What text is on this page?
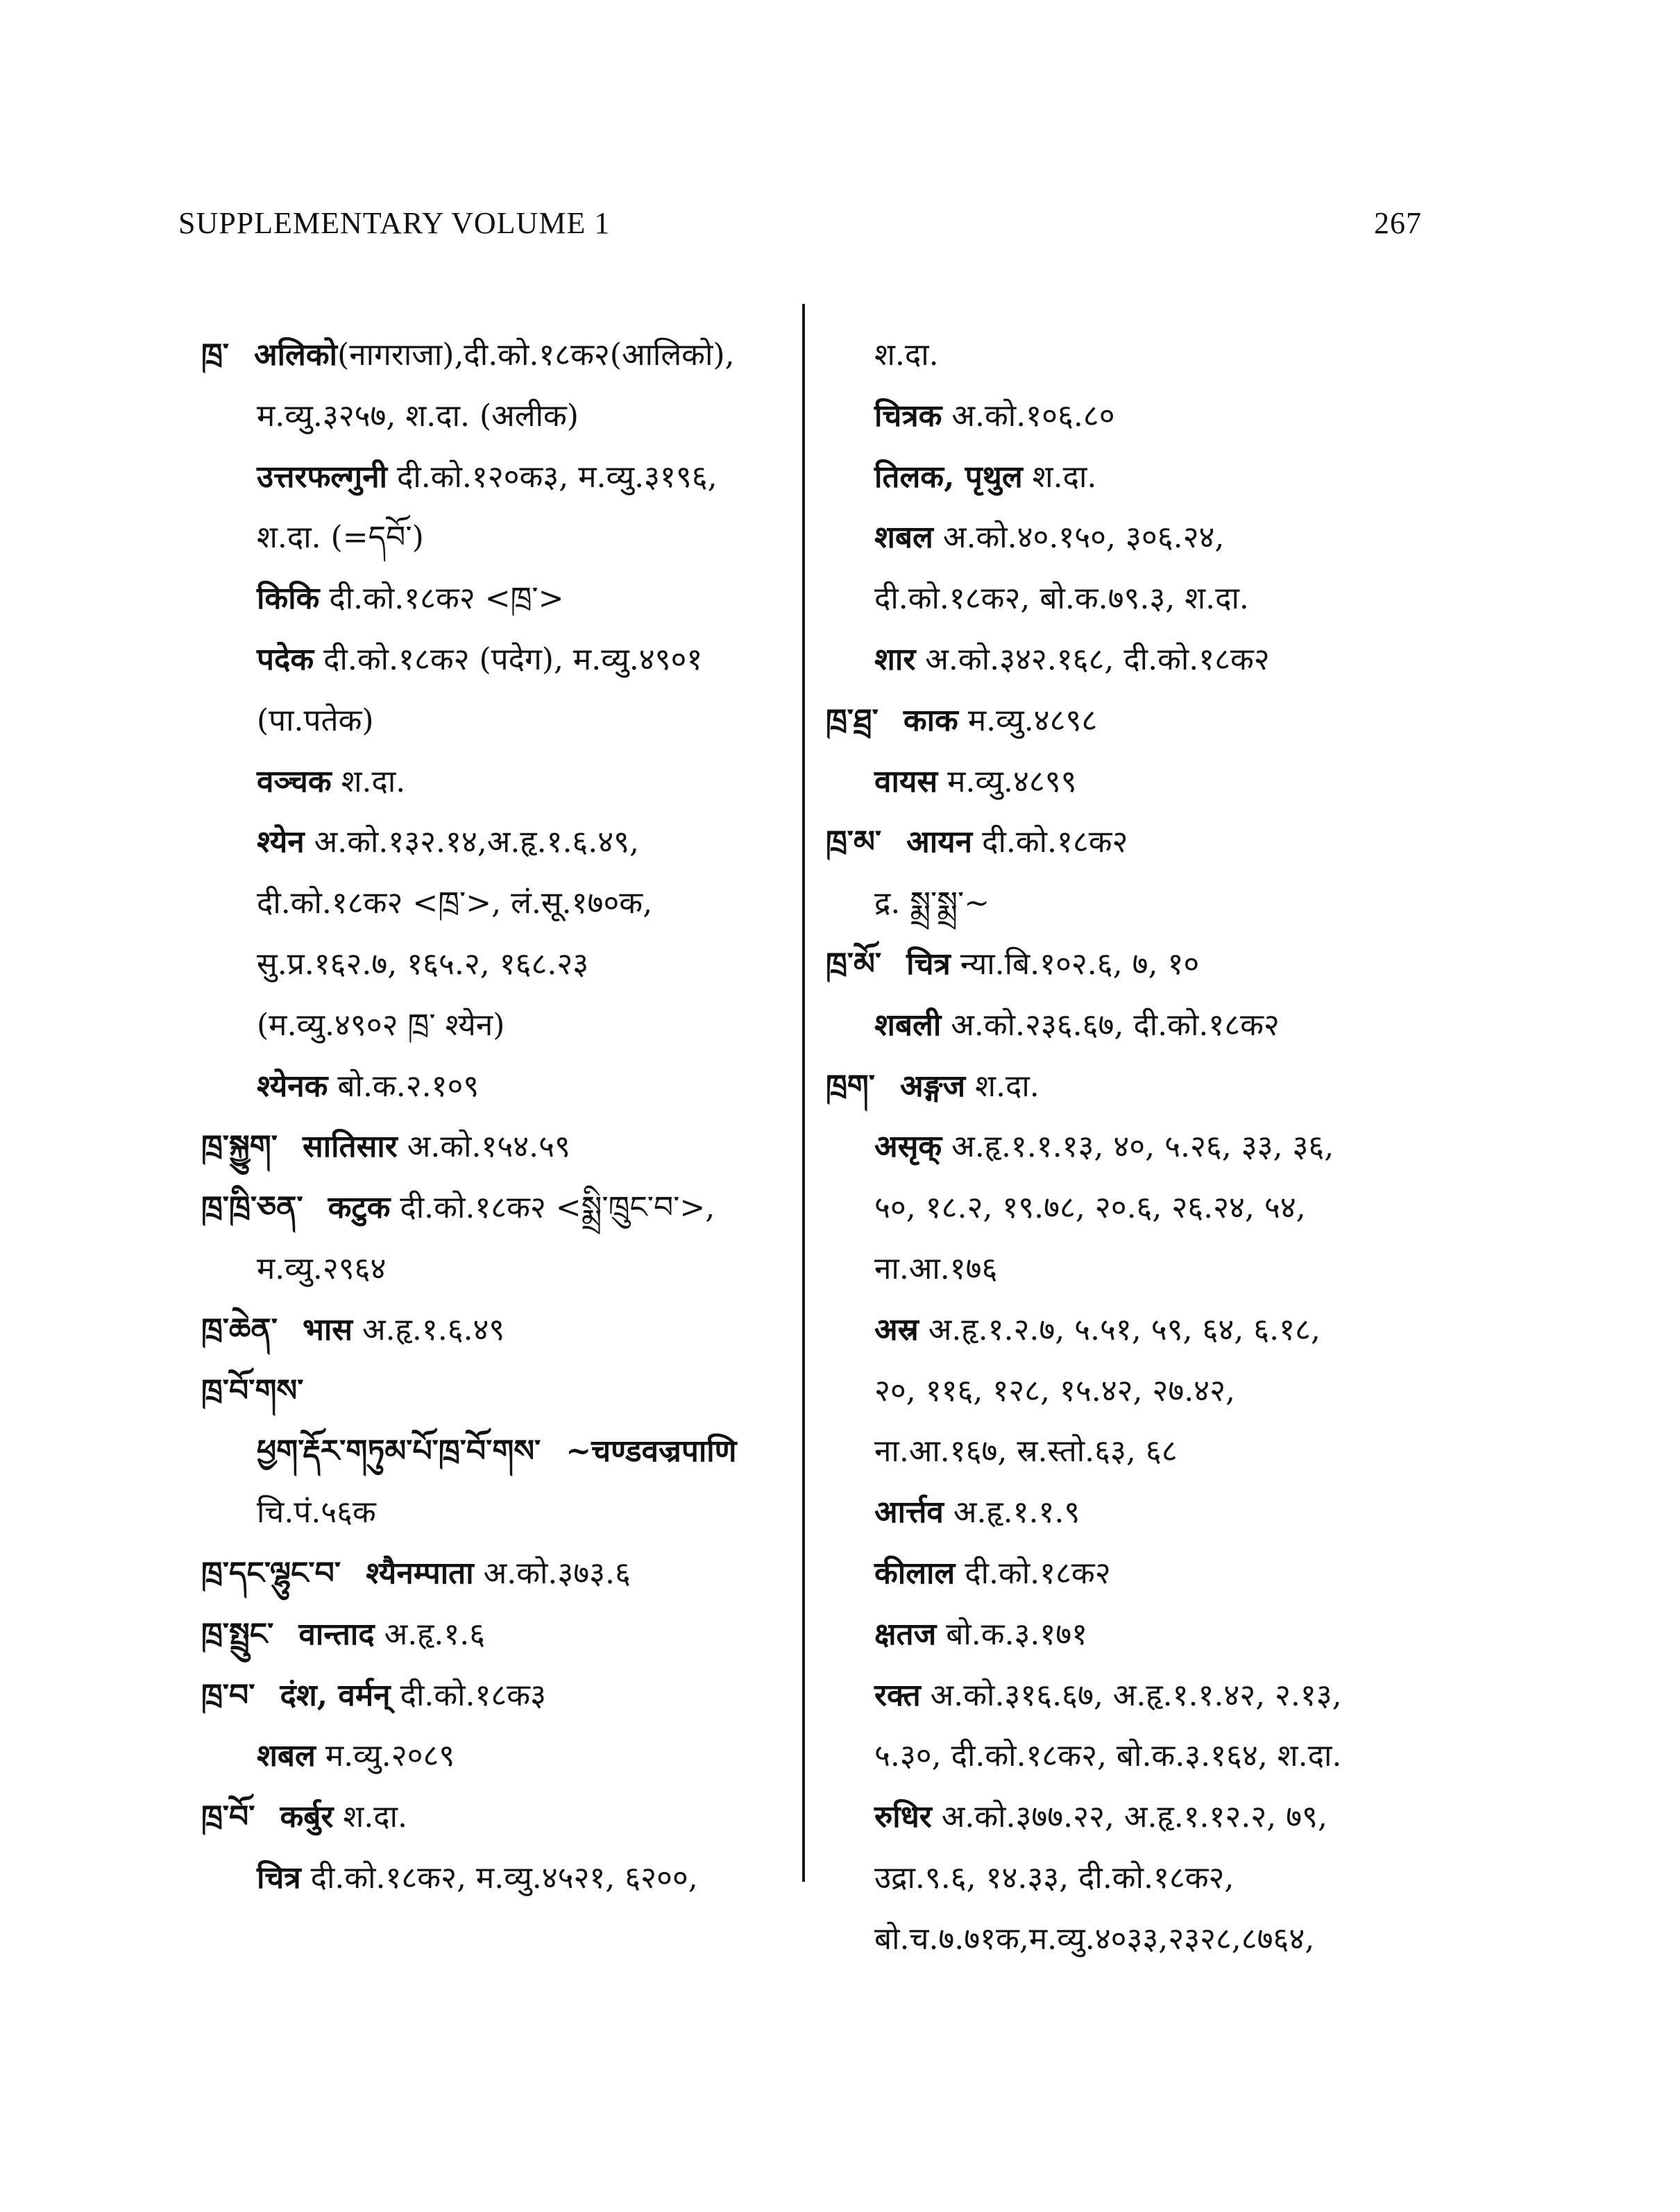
SUPPLEMENTARY VOLUME 1	267
ཁྲ་ अलिको(नागराजा),दी.को.१८क२(आलिको),
म.व्यु.३२५७, श.दा. (अलीक)
उत्तरफल्गुनी दी.को.१२०क३, म.व्यु.३१९६,
श.दा. (=དབོ་)
किकि दी.को.१८क२ <ཁྲ་>
पदेक दी.को.१८क२ (पदेग), म.व्यु.४९०१
(पा.पतेक)
वञ्चक श.दा.
श्येन अ.को.१३२.१४,अ.हृ.१.६.४९,
दी.को.१८क२ <ཁྲ་>, लं.सू.१७०क,
सु.प्र.१६२.७, १६५.२, १६८.२३
(म.व्यु.४९०२ ཁྲ་ श्येन)
श्येनक बो.क.२.१०९
ཁྲ་སྐྱུག་ सातिसार अ.को.१५४.५९
ཁྲ་ཁྲི་ཅན་ कटुक दी.को.१८क२ <སྨྲི་ཁྲུང་བ་>,
म.व्यु.२९६४
ཁྲ་ཆེན་ भास अ.हृ.१.६.४९
ཁྲ་བོ་གས་
ཕྱག་རྡོར་གཏུམ་པོ་ཁྲ་བོ་གས་ ~चण्डवज्रपाणि
चि.पं.५६क
ཁྲ་དང་ལྷུང་བ་ श्यैनम्पाता अ.को.३७३.६
ཁྲ་སྤྲུང་ वान्ताद अ.हृ.१.६
ཁྲ་བ་ दंश, वर्मन् दी.को.१८क३
शबल म.व्यु.२०८९
ཁྲ་བོ་ कर्बुर श.दा.
चित्र दी.को.१८क२, म.व्यु.४५२१, ६२००,
श.दा.
चित्रक अ.को.१०६.८०
तिलक, पृथुल श.दा.
शबल अ.को.४०.१५०, ३०६.२४,
दी.को.१८क२, बो.क.७९.३, श.दा.
शार अ.को.३४२.१६८, दी.को.१८क२
ཁྲ་ཐྲ་ काक म.व्यु.४८९८
वायस म.व्यु.४८९९
ཁྲ་མ་ आयन दी.को.१८क२
द्र. སྨྲ་སྨྲ་~
ཁྲ་མོ་ चित्र न्या.बि.१०२.६, ७, १०
शबली अ.को.२३६.६७, दी.को.१८क२
ཁྲག་ अङ्गज श.दा.
असृक् अ.हृ.१.१.१३, ४०, ५.२६, ३३, ३६,
५०, १८.२, १९.७८, २०.६, २६.२४, ५४,
ना.आ.१७६
अस्र अ.हृ.१.२.७, ५.५१, ५९, ६४, ६.१८,
२०, ११६, १२८, १५.४२, २७.४२,
ना.आ.१६७, स्र.स्तो.६३, ६८
आर्त्तव अ.हृ.१.१.९
कीलाल दी.को.१८क२
क्षतज बो.क.३.१७१
रक्त अ.को.३१६.६७, अ.हृ.१.१.४२, २.१३,
५.३०, दी.को.१८क२, बो.क.३.१६४, श.दा.
रुधिर अ.को.३७७.२२, अ.हृ.१.१२.२, ७९,
उद्रा.९.६, १४.३३, दी.को.१८क२,
बो.च.७.७१क,म.व्यु.४०३३,२३२८,८७६४,
